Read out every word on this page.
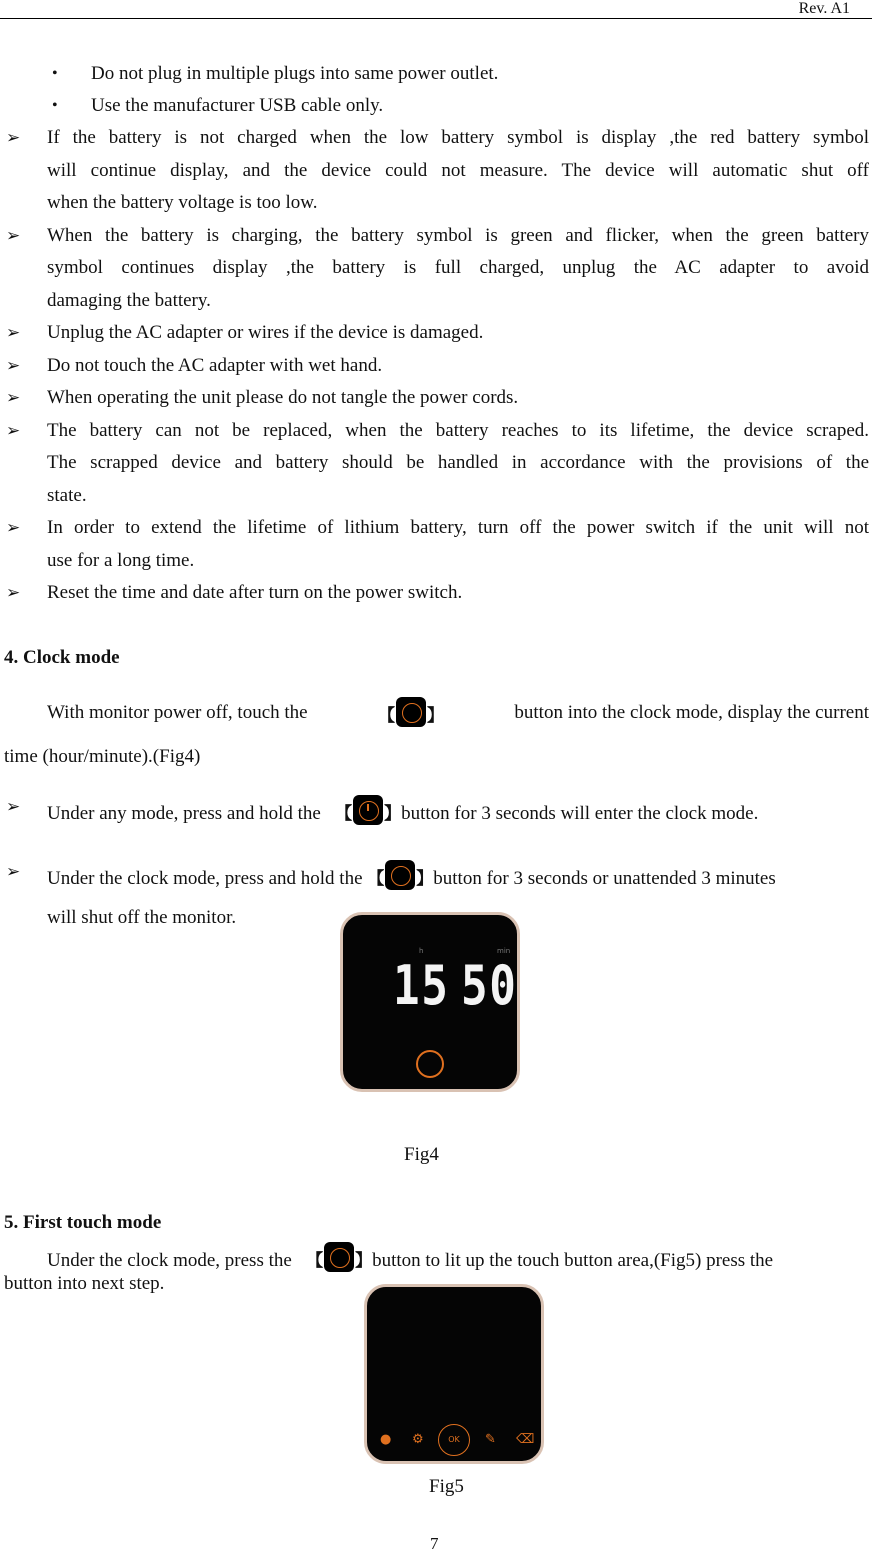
Rev. A1
• Do not plug in multiple plugs into same power outlet.
• Use the manufacturer USB cable only.
➢ If the battery is not charged when the low battery symbol is display ,the red battery symbol
will continue display, and the device could not measure. The device will automatic shut off
when the battery voltage is too low.
➢ When the battery is charging, the battery symbol is green and flicker, when the green battery
symbol continues display ,the battery is full charged, unplug the AC adapter to avoid
damaging the battery.
➢ Unplug the AC adapter or wires if the device is damaged.
➢ Do not touch the AC adapter with wet hand.
➢ When operating the unit please do not tangle the power cords.
➢ The battery can not be replaced, when the battery reaches to its lifetime, the device scraped.
The scrapped device and battery should be handled in accordance with the provisions of the
state.
➢ In order to extend the lifetime of lithium battery, turn off the power switch if the unit will not
use for a long time.
➢ Reset the time and date after turn on the power switch.
4. Clock mode
With monitor power off, touch the	【 】	button into the clock mode, display the current
time (hour/minute).(Fig4)
➢ Under any mode, press and hold the 【 】button for 3 seconds will enter the clock mode.
➢ Under the clock mode, press and hold the 【 】button for 3 seconds or unattended 3 minutes
will shut off the monitor.
h	min
15 50
Fig4
5. First touch mode
Under the clock mode, press the 【 】button to lit up the touch button area,(Fig5) press the
button into next step.
● ⚙	OK	✎ ⌫
Fig5
7
